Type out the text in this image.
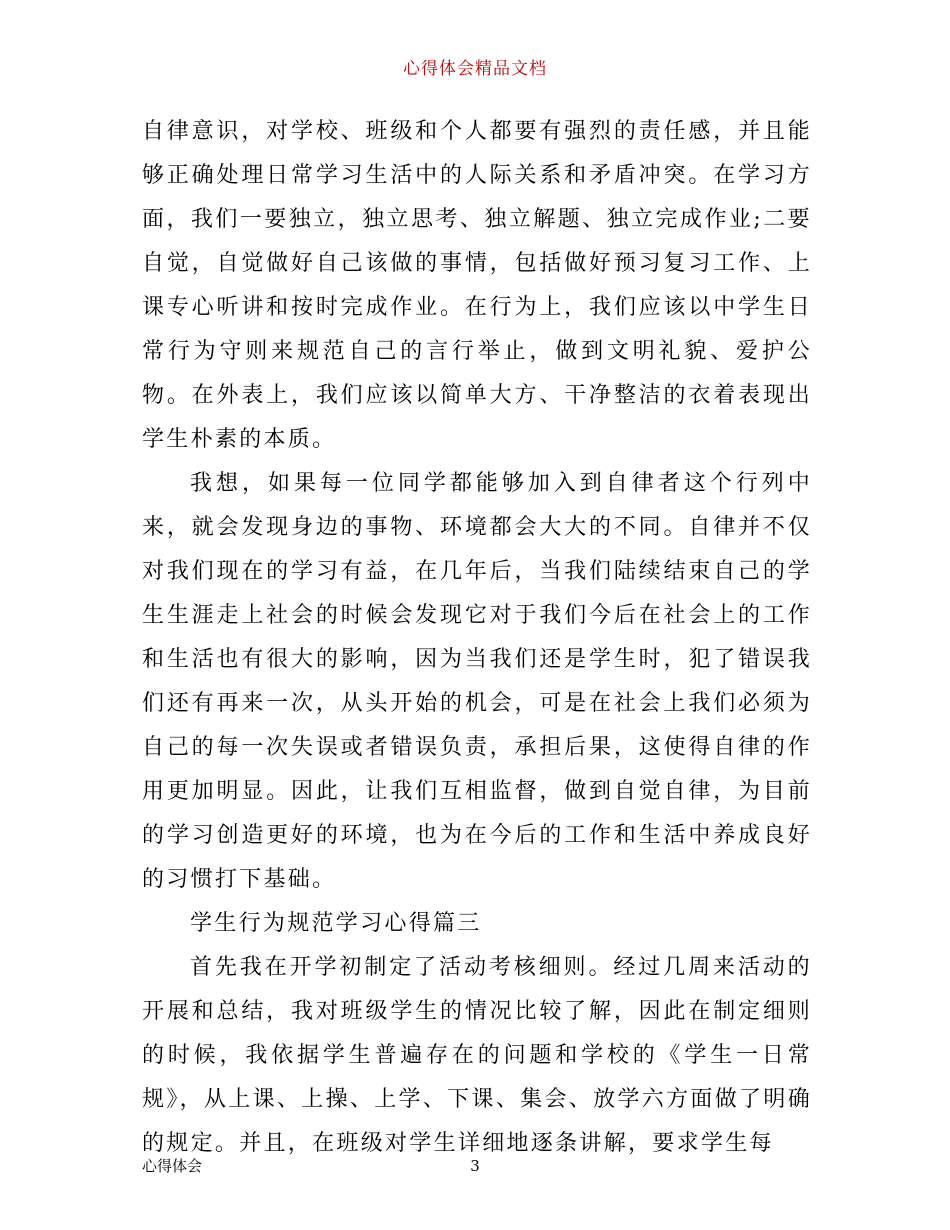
心得体会精品文档

自律意识，对学校、班级和个人都要有强烈的责任感，并且能够正确处理日常学习生活中的人际关系和矛盾冲突。在学习方面，我们一要独立，独立思考、独立解题、独立完成作业;二要自觉，自觉做好自己该做的事情，包括做好预习复习工作、上课专心听讲和按时完成作业。在行为上，我们应该以中学生日常行为守则来规范自己的言行举止，做到文明礼貌、爱护公物。在外表上，我们应该以简单大方、干净整洁的衣着表现出学生朴素的本质。

我想，如果每一位同学都能够加入到自律者这个行列中来，就会发现身边的事物、环境都会大大的不同。自律并不仅对我们现在的学习有益，在几年后，当我们陆续结束自己的学生生涯走上社会的时候会发现它对于我们今后在社会上的工作和生活也有很大的影响，因为当我们还是学生时，犯了错误我们还有再来一次，从头开始的机会，可是在社会上我们必须为自己的每一次失误或者错误负责，承担后果，这使得自律的作用更加明显。因此，让我们互相监督，做到自觉自律，为目前的学习创造更好的环境，也为在今后的工作和生活中养成良好的习惯打下基础。

学生行为规范学习心得篇三

首先我在开学初制定了活动考核细则。经过几周来活动的开展和总结，我对班级学生的情况比较了解，因此在制定细则的时候，我依据学生普遍存在的问题和学校的《学生一日常规》，从上课、上操、上学、下课、集会、放学六方面做了明确的规定。并且，在班级对学生详细地逐条讲解，要求学生每

心得体会	3
